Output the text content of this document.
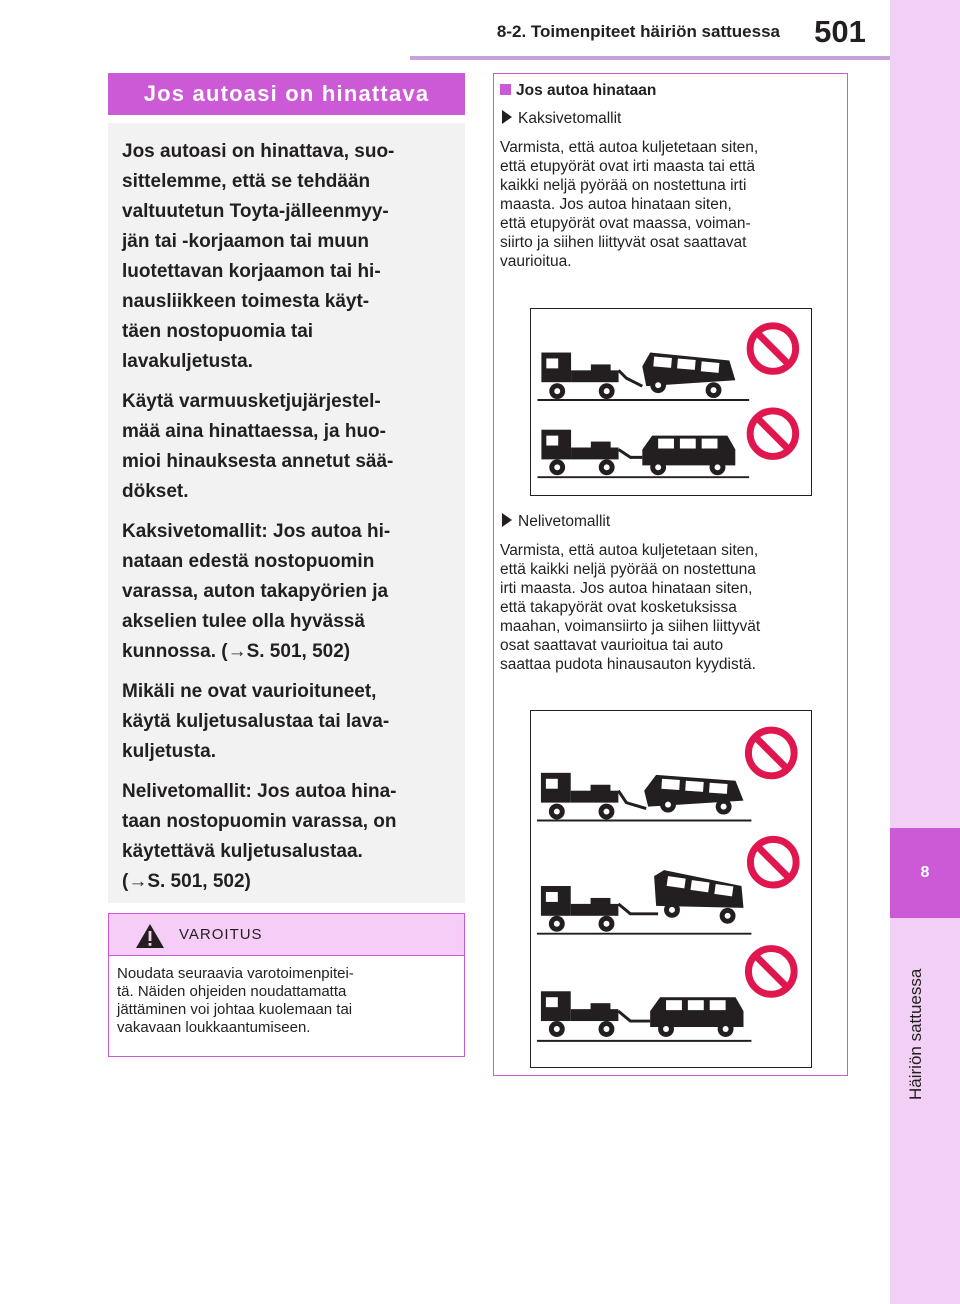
8-2. Toimenpiteet häiriön sattuessa	501
8
Häiriön sattuessa
Jos autoasi on hinattava

Jos autoasi on hinattava, suo-
sittelemme, että se tehdään
valtuutetun Toyta-jälleenmyy-
jän tai -korjaamon tai muun
luotettavan korjaamon tai hi-
nausliikkeen toimesta käyt-
täen nostopuomia tai
lavakuljetusta.

Käytä varmuusketjujärjestel-
mää aina hinattaessa, ja huo-
mioi hinauksesta annetut sää-
dökset.

Kaksivetomallit: Jos autoa hi-
nataan edestä nostopuomin
varassa, auton takapyörien ja
akselien tulee olla hyvässä
kunnossa. (→S. 501, 502)

Mikäli ne ovat vaurioituneet,
käytä kuljetusalustaa tai lava-
kuljetusta.

Nelivetomallit: Jos autoa hina-
taan nostopuomin varassa, on
käytettävä kuljetusalustaa.
(→S. 501, 502)

VAROITUS
Noudata seuraavia varotoimenpitei-
tä. Näiden ohjeiden noudattamatta
jättäminen voi johtaa kuolemaan tai
vakavaan loukkaantumiseen.
Jos autoa hinataan
Kaksivetomallit
Varmista, että autoa kuljetetaan siten,
että etupyörät ovat irti maasta tai että
kaikki neljä pyörää on nostettuna irti
maasta. Jos autoa hinataan siten,
että etupyörät ovat maassa, voiman-
siirto ja siihen liittyvät osat saattavat
vaurioitua.
Nelivetomallit
Varmista, että autoa kuljetetaan siten,
että kaikki neljä pyörää on nostettuna
irti maasta. Jos autoa hinataan siten,
että takapyörät ovat kosketuksissa
maahan, voimansiirto ja siihen liittyvät
osat saattavat vaurioitua tai auto
saattaa pudota hinausauton kyydistä.
